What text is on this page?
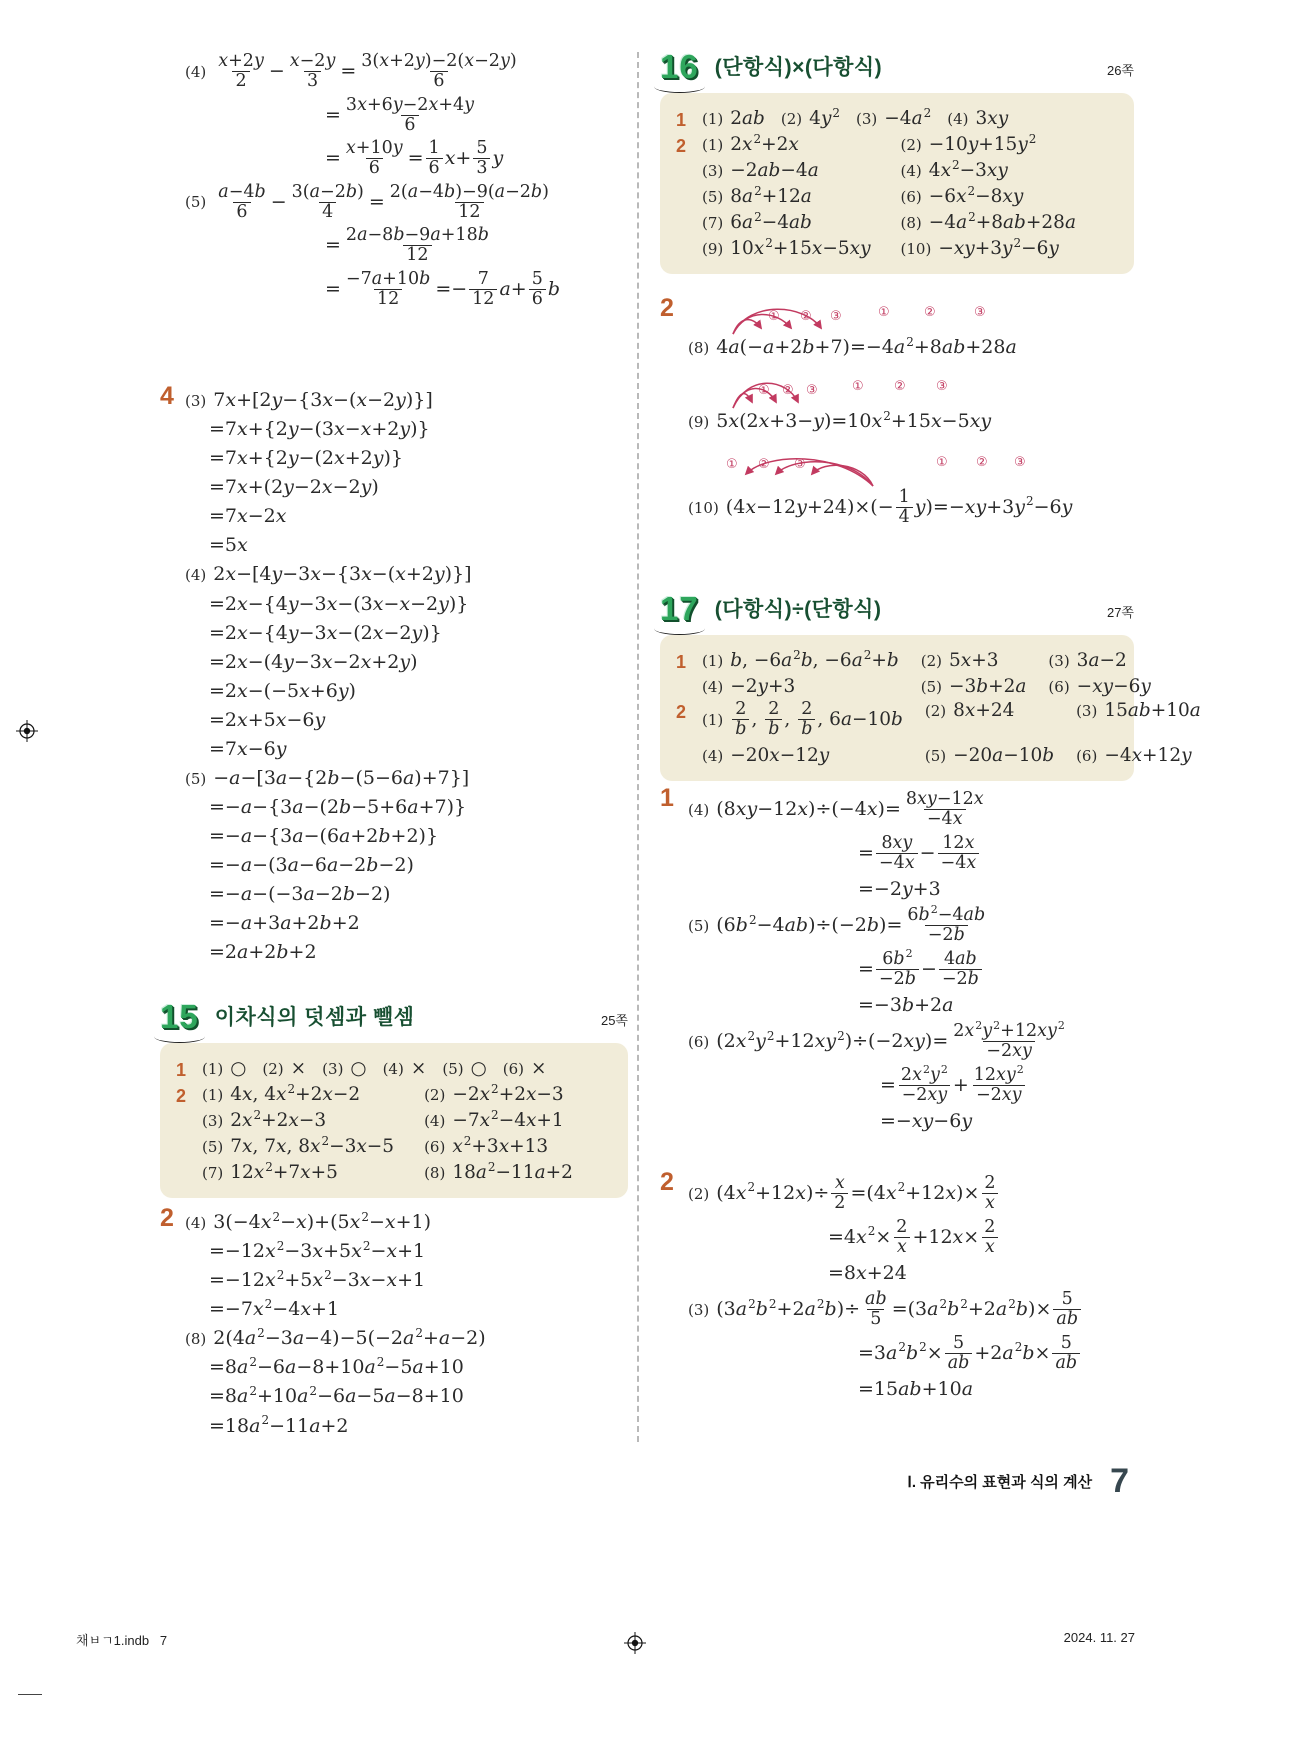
$(4) \frac{x+2y}{2} - \frac{x-2y}{3} = \frac{3(x+2y)-2(x-2y)}{6}$
= $\frac{3x+6y-2x+4y}{6}$
= $\frac{x+10y}{6} = \frac{1}{6} x+ \frac{5}{3}$ y
$(5) \frac{a-4b}{6} - \frac{3(a-2b)}{4} = \frac{2(a-4b)-9(a-2b)}{12}$
= $\frac{2a-8b-9a+18b}{12}$
= $\frac{-7a+10b}{12} =- \frac{7}{12} a+ \frac{5}{6}$ b
4 (3) 7x+[2y−{3x−(x−2y)}]
=7x+{2y−(3x−x+2y)}
=7x+{2y−(2x+2y)}
=7x+(2y−2x−2y)
=7x−2x
=5x
(4) 2x−[4y−3x−{3x−(x+2y)}]
=2x−{4y−3x−(3x−x−2y)}
=2x−{4y−3x−(2x−2y)}
=2x−(4y−3x−2x+2y)
=2x−(−5x+6y)
=2x+5x−6y
=7x−6y
(5) −a−[3a−{2b−(5−6a)+7}]
=−a−{3a−(2b−5+6a+7)}
=−a−{3a−(6a+2b+2)}
=−a−(3a−6a−2b−2)
=−a−(−3a−2b−2)
=−a+3a+2b+2
=2a+2b+2
15 이차식의 덧셈과 뺄셈	25쪽
1	(1) ○ (2) × (3) ○ (4) × (5) ○ (6) ×
2	(1) 4x, $4x^2+2x-2$	$(2) -2x^2+2x-3$
(3) $2x^2+2x-3$	$(4) -7x^2-4x+1$
(5) 7x, 7x, $8x^2-3x-5$ (6) $x^2+3x+13$
(7) $12x^2+7x+5$	(8) $18a^2-11a+2$
2 (4) $3(-4x^2-x)+(5x^2-x+1)$
$=-12x^2-3x+5x^2-x+1$
$=-12x^2+5x^2-3x-x+1$
$=-7x^2-4x+1$
(8) $2(4a^2-3a-4)-5(-2a^2+a-2)$
$=8a^2-6a-8+10a^2-5a+10$
$=8a^2+10a^2-6a-5a-8+10$
$=18a^2-11a+2$
16 (단항식)×(다항식)	26쪽
1	(1) 2ab (2) $4y^2$ $(3) -4a^2$ (4) 3xy
2	(1) $2x^2+2x$	$(2) -10y+15y^2$
(3) −2ab−4a	(4) $4x^2-3xy$
(5) $8a^2+12a$	$(6) -6x^2-8xy$
(7) $6a^2-4ab$	$(8) -4a^2+8ab+28a$
(9) $10x^2+15x-5xy$ $(10) -xy+3y^2-6y$
2	① ② ③	①	②	③
(8) $4a(-a+2b+7)=-4a^2+8ab+28a$
① ② ③	① ② ③
(9) $5x(2x+3-y)=10x^2+15x-5xy$
① ② ③	① ② ③
(10) $(4x-12y+24)\times(- \frac{1}{4} y)=-xy+3y^2-6y$
17 (다항식)÷(단항식)	27쪽
1	(1) b, $-6a^2b$, $-6a^2+b$ (2) 5x+3	(3) 3a−2
(4) −2y+3	(5) −3b+2a (6) −xy−6y
2	$(1) \frac{2}{b}$ , $\frac{2}{b}$ , $\frac{2}{b}$ , 6a−10b (2) 8x+24	(3) 15ab+10a
(4) −20x−12y	(5) −20a−10b (6) −4x+12y
1 (4) $(8xy-12x)\div(-4x)= \frac{8xy-12x}{-4x}$
= $\frac{8xy}{-4x} - \frac{12x}{-4x}$
=−2y+3
(5) $(6b^2-4ab)\div(-2b)= \frac{6b^2-4ab}{-2b}$
= $\frac{6b^2}{-2b} - \frac{4ab}{-2b}$
=−3b+2a
(6) $(2x^2y^2+12xy^2)\div(-2xy)= \frac{2x^2y^2+12xy^2}{-2xy}$
= $\frac{2x^2y^2}{-2xy} + \frac{12xy^2}{-2xy}$
=−xy−6y
2 (2) $(4x^2+12x)\div \frac{x}{2} =(4x^2+12x)\times \frac{2}{x}$
$=4x^2\times \frac{2}{x} +12x\times \frac{2}{x}$
=8x+24
(3) $(3a^2b^2+2a^2b)\div \frac{ab}{5} =(3a^2b^2+2a^2b)\times \frac{5}{ab}$
$=3a^2b^2\times \frac{5}{ab} +2a^2b\times \frac{5}{ab}$
=15ab+10a
Ⅰ. 유리수의 표현과 식의 계산 7
채ㅂㄱ1.indb   7	2024. 11. 27
